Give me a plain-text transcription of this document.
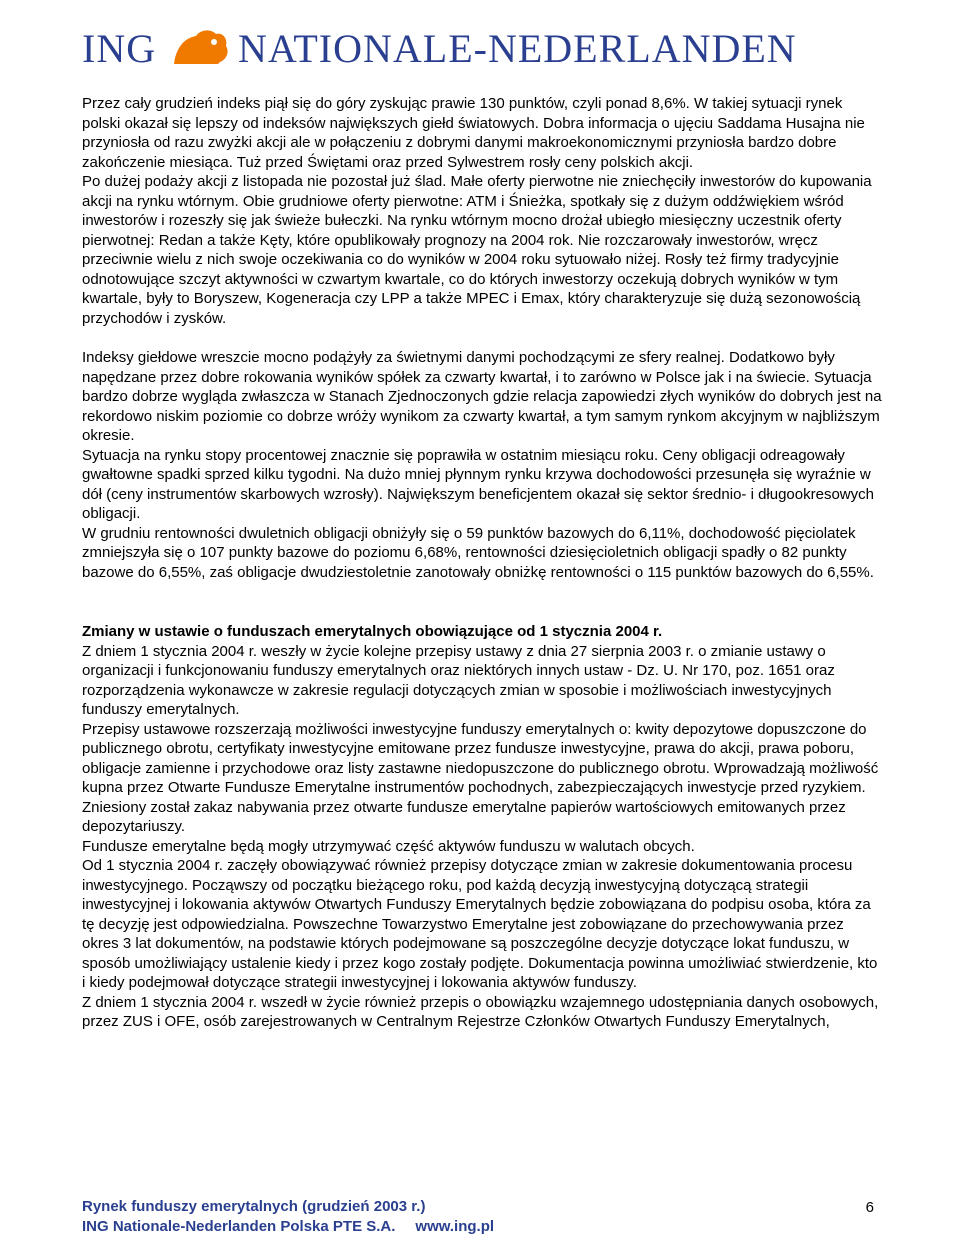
ING NATIONALE-NEDERLANDEN

Przez cały grudzień indeks piął się do góry zyskując prawie 130 punktów, czyli ponad 8,6%. W takiej sytuacji rynek polski okazał się lepszy od indeksów największych giełd światowych. Dobra informacja o ujęciu Saddama Husajna nie przyniosła od razu zwyżki akcji ale w połączeniu z dobrymi danymi makroekonomicznymi przyniosła bardzo dobre zakończenie miesiąca. Tuż przed Świętami oraz przed Sylwestrem rosły ceny polskich akcji.

Po dużej podaży akcji z listopada nie pozostał już ślad. Małe oferty pierwotne nie zniechęciły inwestorów do kupowania akcji na rynku wtórnym. Obie grudniowe oferty pierwotne: ATM i Śnieżka, spotkały się z dużym oddźwiękiem wśród inwestorów i rozeszły się jak świeże bułeczki. Na rynku wtórnym mocno drożał ubiegło miesięczny uczestnik oferty pierwotnej: Redan a także Kęty, które opublikowały prognozy na 2004 rok. Nie rozczarowały inwestorów, wręcz przeciwnie wielu z nich swoje oczekiwania co do wyników w 2004 roku sytuowało niżej. Rosły też firmy tradycyjnie odnotowujące szczyt aktywności w czwartym kwartale, co do których inwestorzy oczekują dobrych wyników w tym kwartale, były to Boryszew, Kogeneracja czy LPP a także MPEC i Emax, który charakteryzuje się dużą sezonowością przychodów i zysków.

Indeksy giełdowe wreszcie mocno podążyły za świetnymi danymi pochodzącymi ze sfery realnej. Dodatkowo były napędzane przez dobre rokowania wyników spółek za czwarty kwartał, i to zarówno w Polsce jak i na świecie. Sytuacja bardzo dobrze wygląda zwłaszcza w Stanach Zjednoczonych gdzie relacja zapowiedzi złych wyników do dobrych jest na rekordowo niskim poziomie co dobrze wróży wynikom za czwarty kwartał, a tym samym rynkom akcyjnym w najbliższym okresie.

Sytuacja na rynku stopy procentowej znacznie się poprawiła w ostatnim miesiącu roku. Ceny obligacji odreagowały gwałtowne spadki sprzed kilku tygodni. Na dużo mniej płynnym rynku krzywa dochodowości przesunęła się wyraźnie w dół (ceny instrumentów skarbowych wzrosły). Największym beneficjentem okazał się sektor średnio- i długookresowych obligacji.

W grudniu rentowności dwuletnich obligacji obniżyły się o 59 punktów bazowych do 6,11%, dochodowość pięciolatek zmniejszyła się o 107 punkty bazowe do poziomu 6,68%, rentowności dziesięcioletnich obligacji spadły o 82 punkty bazowe do 6,55%, zaś obligacje dwudziestoletnie zanotowały obniżkę rentowności o 115 punktów bazowych do 6,55%.

Zmiany w ustawie o funduszach emerytalnych obowiązujące od 1 stycznia 2004 r.

Z dniem 1 stycznia 2004 r. weszły w życie kolejne przepisy ustawy z dnia 27 sierpnia 2003 r. o zmianie ustawy o organizacji i funkcjonowaniu funduszy emerytalnych oraz niektórych innych ustaw - Dz. U. Nr 170, poz. 1651 oraz rozporządzenia wykonawcze w zakresie regulacji dotyczących zmian w sposobie i możliwościach inwestycyjnych funduszy emerytalnych.

Przepisy ustawowe rozszerzają możliwości inwestycyjne funduszy emerytalnych o: kwity depozytowe dopuszczone do publicznego obrotu, certyfikaty inwestycyjne emitowane przez fundusze inwestycyjne, prawa do akcji, prawa poboru, obligacje zamienne i przychodowe oraz listy zastawne niedopuszczone do publicznego obrotu. Wprowadzają możliwość kupna przez Otwarte Fundusze Emerytalne instrumentów pochodnych, zabezpieczających inwestycje przed ryzykiem. Zniesiony został zakaz nabywania przez otwarte fundusze emerytalne papierów wartościowych emitowanych przez depozytariuszy.

Fundusze emerytalne będą mogły utrzymywać część aktywów funduszu w walutach obcych.

Od 1 stycznia 2004 r. zaczęły obowiązywać również przepisy dotyczące zmian w zakresie dokumentowania procesu inwestycyjnego. Począwszy od początku bieżącego roku, pod każdą decyzją inwestycyjną dotyczącą strategii inwestycyjnej i lokowania aktywów Otwartych Funduszy Emerytalnych będzie zobowiązana do podpisu osoba, która za tę decyzję jest odpowiedzialna. Powszechne Towarzystwo Emerytalne jest zobowiązane do przechowywania przez okres 3 lat dokumentów, na podstawie których podejmowane są poszczególne decyzje dotyczące lokat funduszu, w sposób umożliwiający ustalenie kiedy i przez kogo zostały podjęte. Dokumentacja powinna umożliwiać stwierdzenie, kto i kiedy podejmował dotyczące strategii inwestycyjnej i lokowania aktywów funduszy.

Z dniem 1 stycznia 2004 r. wszedł w życie również przepis o obowiązku wzajemnego udostępniania danych osobowych, przez ZUS i OFE, osób zarejestrowanych w Centralnym Rejestrze Członków Otwartych Funduszy Emerytalnych,

Rynek funduszy emerytalnych (grudzień 2003 r.)
ING Nationale-Nederlanden Polska PTE S.A. www.ing.pl
6
